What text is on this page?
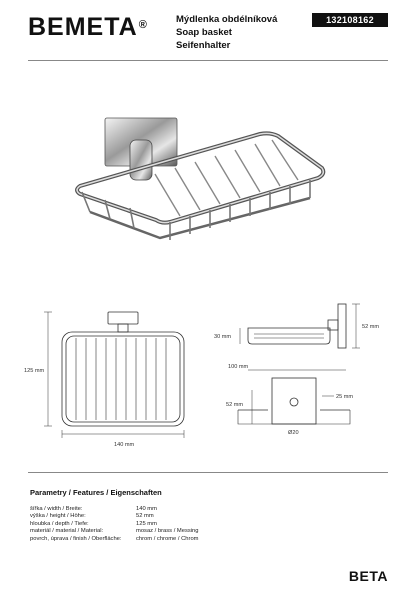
BEMETA®	Mýdlenka obdélníková
Soap basket
Seifenhalter
132108162
125 mm
140 mm
52 mm
30 mm
100 mm
52 mm
25 mm
Ø20
Parametry / Features / Eigenschaften
šířka / width / Breite:	140 mm
výška / height / Höhe:	52 mm
hloubka / depth / Tiefe:	125 mm
materiál / material / Material:	mosaz / brass / Messing
povrch, úprava / finish / Oberfläche:	chrom / chrome / Chrom
BETA
